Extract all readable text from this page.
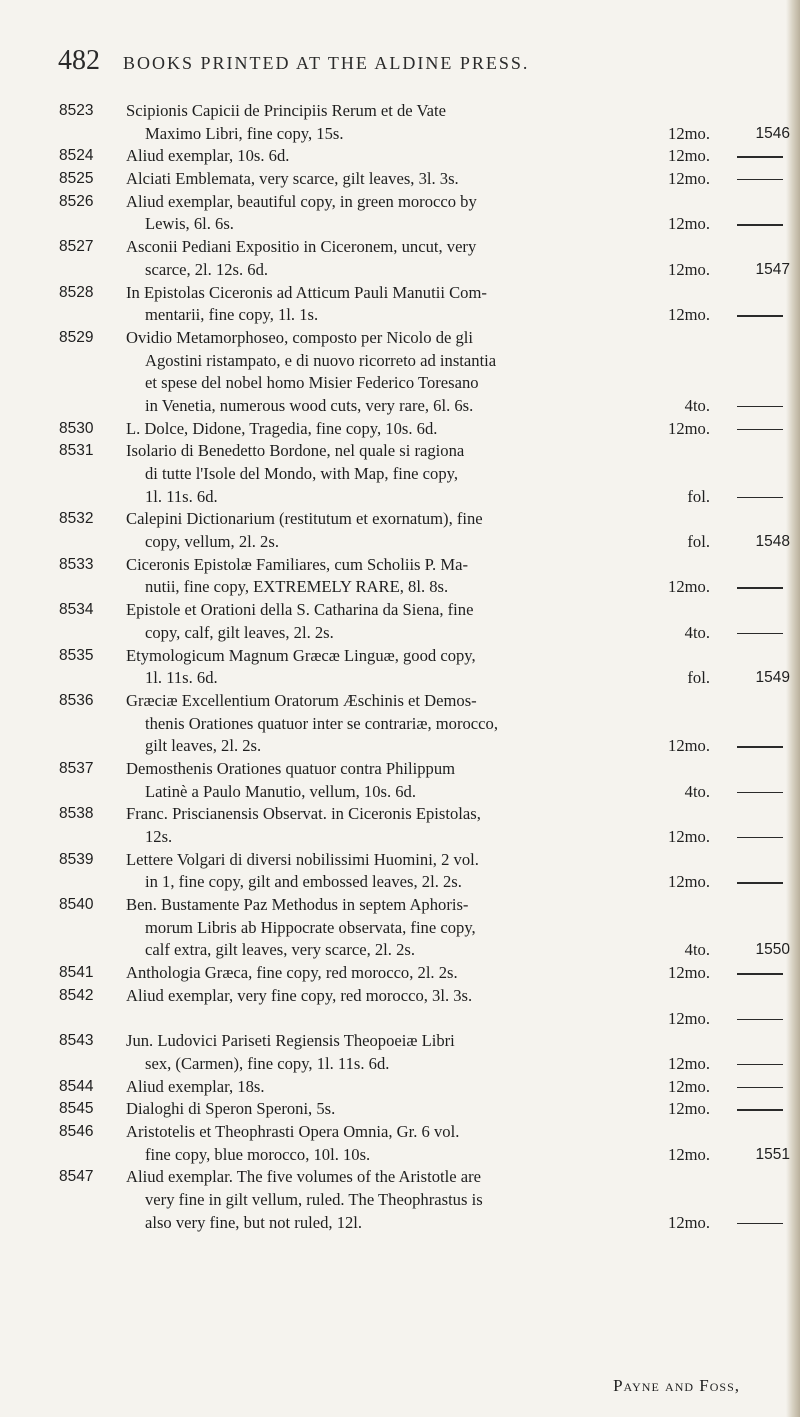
482 BOOKS PRINTED AT THE ALDINE PRESS.
8523	Scipionis Capicii de Principiis Rerum et de Vate
Maximo Libri, fine copy, 15s.	12mo.	1546
8524	Aliud exemplar, 10s. 6d.	12mo.
8525	Alciati Emblemata, very scarce, gilt leaves, 3l. 3s.	12mo.
8526	Aliud exemplar, beautiful copy, in green morocco by
Lewis, 6l. 6s.	12mo.
8527	Asconii Pediani Expositio in Ciceronem, uncut, very
scarce, 2l. 12s. 6d.	12mo.	1547
8528	In Epistolas Ciceronis ad Atticum Pauli Manutii Com-
mentarii, fine copy, 1l. 1s.	12mo.
8529	Ovidio Metamorphoseo, composto per Nicolo de gli
Agostini ristampato, e di nuovo ricorreto ad instantia
et spese del nobel homo Misier Federico Toresano
in Venetia, numerous wood cuts, very rare, 6l. 6s.	4to.
8530	L. Dolce, Didone, Tragedia, fine copy, 10s. 6d.	12mo.
8531	Isolario di Benedetto Bordone, nel quale si ragiona
di tutte l'Isole del Mondo, with Map, fine copy,
1l. 11s. 6d.	fol.
8532	Calepini Dictionarium (restitutum et exornatum), fine
copy, vellum, 2l. 2s.	fol.	1548
8533	Ciceronis Epistolæ Familiares, cum Scholiis P. Ma-
nutii, fine copy, EXTREMELY RARE, 8l. 8s.	12mo.
8534	Epistole et Orationi della S. Catharina da Siena, fine
copy, calf, gilt leaves, 2l. 2s.	4to.
8535	Etymologicum Magnum Græcæ Linguæ, good copy,
1l. 11s. 6d.	fol.	1549
8536	Græciæ Excellentium Oratorum Æschinis et Demos-
thenis Orationes quatuor inter se contrariæ, morocco,
gilt leaves, 2l. 2s.	12mo.
8537	Demosthenis Orationes quatuor contra Philippum
Latinè a Paulo Manutio, vellum, 10s. 6d.	4to.
8538	Franc. Priscianensis Observat. in Ciceronis Epistolas,
12s.	12mo.
8539	Lettere Volgari di diversi nobilissimi Huomini, 2 vol.
in 1, fine copy, gilt and embossed leaves, 2l. 2s.	12mo.
8540	Ben. Bustamente Paz Methodus in septem Aphoris-
morum Libris ab Hippocrate observata, fine copy,
calf extra, gilt leaves, very scarce, 2l. 2s.	4to.	1550
8541	Anthologia Græca, fine copy, red morocco, 2l. 2s.	12mo.
8542	Aliud exemplar, very fine copy, red morocco, 3l. 3s.
12mo.
8543	Jun. Ludovici Pariseti Regiensis Theopoeiæ Libri
sex, (Carmen), fine copy, 1l. 11s. 6d.	12mo.
8544	Aliud exemplar, 18s.	12mo.
8545	Dialoghi di Speron Speroni, 5s.	12mo.
8546	Aristotelis et Theophrasti Opera Omnia, Gr. 6 vol.
fine copy, blue morocco, 10l. 10s.	12mo.	1551
8547	Aliud exemplar. The five volumes of the Aristotle are
very fine in gilt vellum, ruled. The Theophrastus is
also very fine, but not ruled, 12l.	12mo.
Payne and Foss,
